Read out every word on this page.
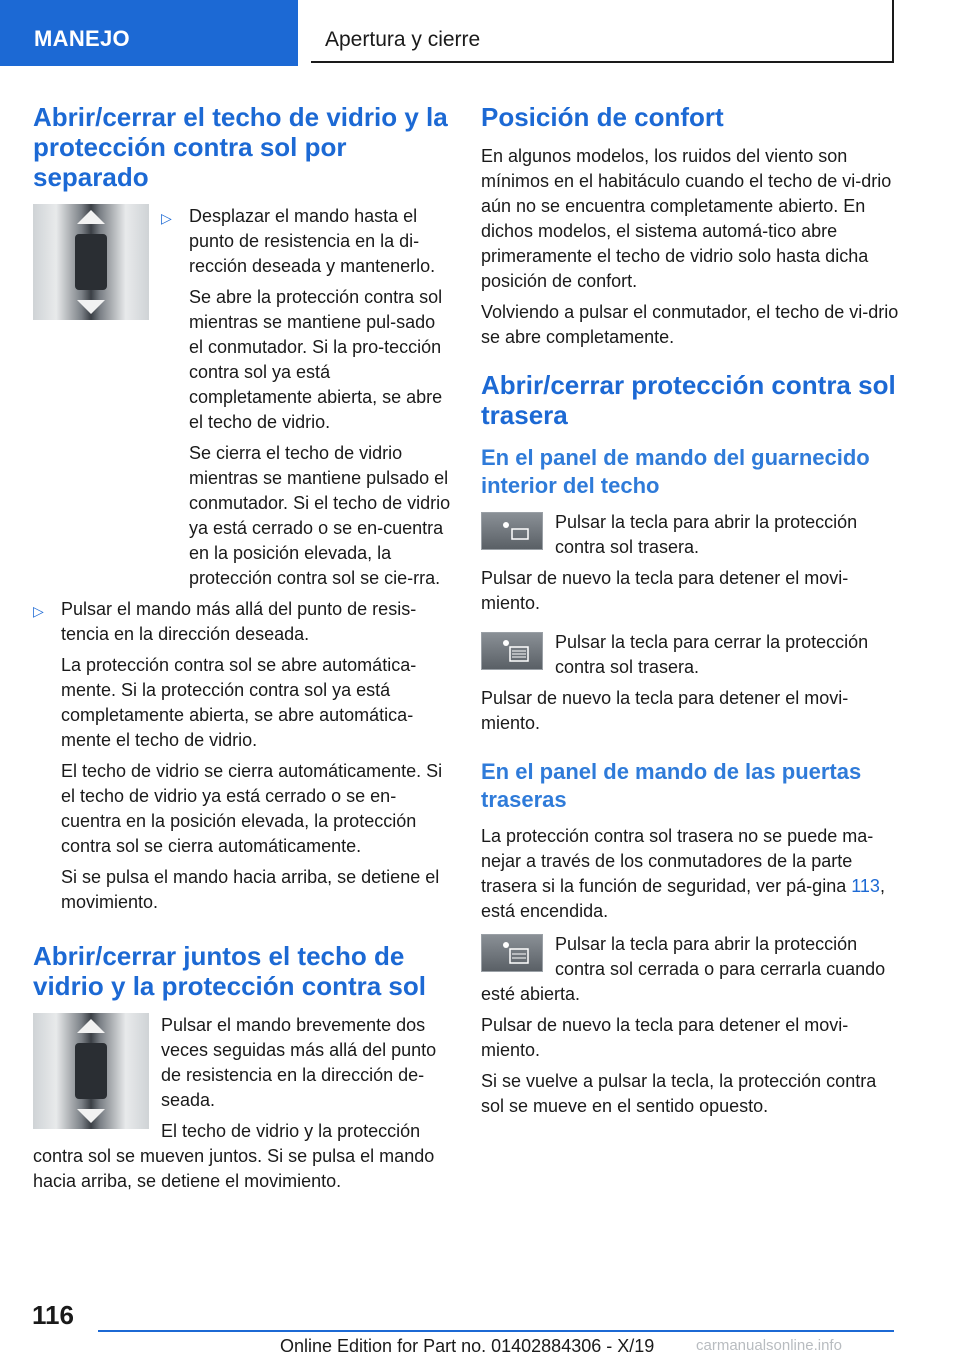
MANEJO	Apertura y cierre
Abrir/cerrar el techo de vidrio y la protección contra sol por separado
▷ Desplazar el mando hasta el punto de resistencia en la di-rección deseada y mantenerlo.

Se abre la protección contra sol mientras se mantiene pul-sado el conmutador. Si la pro-tección contra sol ya está completamente abierta, se abre el techo de vidrio.

Se cierra el techo de vidrio mientras se mantiene pulsado el conmutador. Si el techo de vidrio ya está cerrado o se en-cuentra en la posición elevada, la protección contra sol se cie-rra.

▷ Pulsar el mando más allá del punto de resis-tencia en la dirección deseada.

La protección contra sol se abre automática-mente. Si la protección contra sol ya está completamente abierta, se abre automática-mente el techo de vidrio.

El techo de vidrio se cierra automáticamente. Si el techo de vidrio ya está cerrado o se en-cuentra en la posición elevada, la protección contra sol se cierra automáticamente.

Si se pulsa el mando hacia arriba, se detiene el movimiento.

Abrir/cerrar juntos el techo de vidrio y la protección contra sol

Pulsar el mando brevemente dos veces seguidas más allá del punto de resistencia en la dirección de-seada.

El techo de vidrio y la protección contra sol se mueven juntos. Si se pulsa el mando hacia arriba, se detiene el movimiento.

Posición de confort

En algunos modelos, los ruidos del viento son mínimos en el habitáculo cuando el techo de vi-drio aún no se encuentra completamente abierto. En dichos modelos, el sistema automá-tico abre primeramente el techo de vidrio solo hasta dicha posición de confort.

Volviendo a pulsar el conmutador, el techo de vi-drio se abre completamente.

Abrir/cerrar protección contra sol trasera
En el panel de mando del guarnecido interior del techo

Pulsar la tecla para abrir la protección contra sol trasera.

Pulsar de nuevo la tecla para detener el movi-miento.

Pulsar la tecla para cerrar la protección contra sol trasera.

Pulsar de nuevo la tecla para detener el movi-miento.

En el panel de mando de las puertas traseras

La protección contra sol trasera no se puede ma-nejar a través de los conmutadores de la parte trasera si la función de seguridad, ver pá-gina 113, está encendida.

Pulsar la tecla para abrir la protección contra sol cerrada o para cerrarla cuando esté abierta.

Pulsar de nuevo la tecla para detener el movi-miento.

Si se vuelve a pulsar la tecla, la protección contra sol se mueve en el sentido opuesto.

116
Online Edition for Part no. 01402884306 - X/19	carmanualsonline.info
